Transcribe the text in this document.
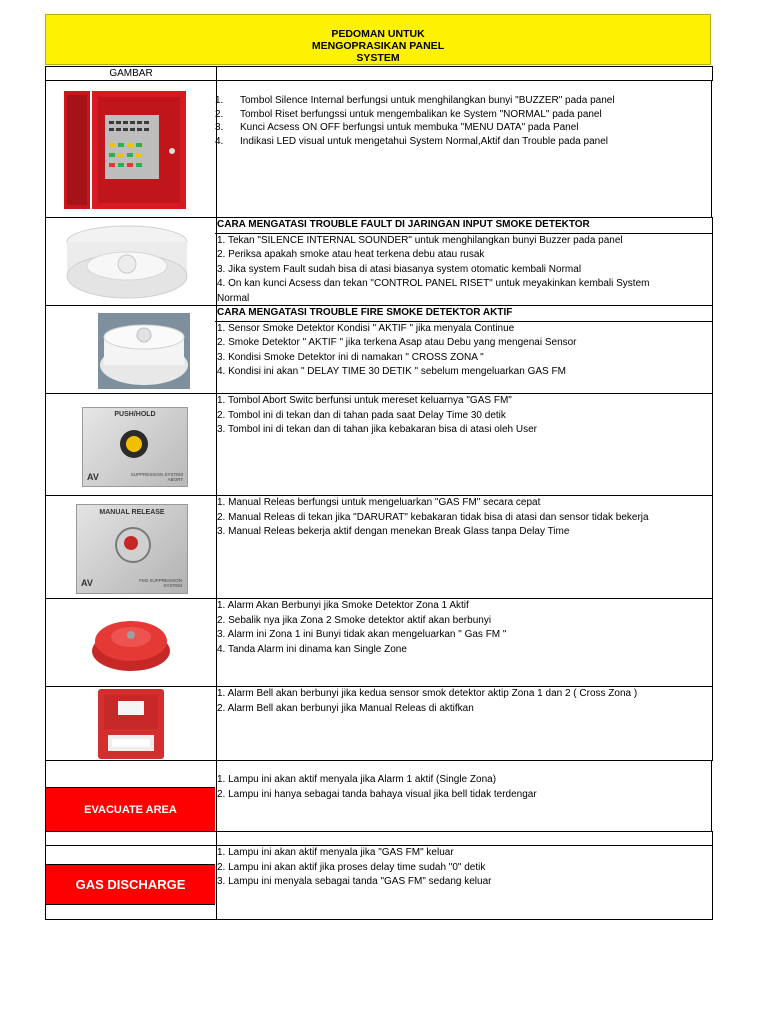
PEDOMAN UNTUK
MENGOPRASIKAN PANEL
SYSTEM
GAMBAR
1. Tombol Silence Internal berfungsi untuk menghilangkan bunyi "BUZZER" pada panel
2. Tombol Riset berfungssi untuk mengembalikan ke System "NORMAL" pada panel
3. Kunci Acsess ON OFF berfungsi untuk membuka "MENU DATA" pada Panel
4. Indikasi LED visual untuk mengetahui System Normal,Aktif dan Trouble pada panel
CARA MENGATASI TROUBLE FAULT DI JARINGAN INPUT SMOKE DETEKTOR
1. Tekan "SILENCE INTERNAL SOUNDER" untuk menghilangkan bunyi Buzzer pada panel
2. Periksa apakah smoke atau heat terkena debu atau rusak
3. Jika system Fault sudah bisa di atasi biasanya system otomatic kembali Normal
4. On kan kunci Acsess dan tekan "CONTROL PANEL RISET" untuk meyakinkan kembali System
Normal
CARA MENGATASI TROUBLE FIRE SMOKE DETEKTOR AKTIF
1. Sensor Smoke Detektor Kondisi " AKTIF " jika menyala Continue
2. Smoke Detektor " AKTIF " jika terkena Asap atau Debu yang mengenai Sensor
3. Kondisi Smoke Detektor ini di namakan " CROSS ZONA "
4. Kondisi ini akan " DELAY TIME 30 DETIK " sebelum mengeluarkan GAS FM
PUSH/HOLD
AV	SUPPRESSION SYSTEM ABORT
1. Tombol Abort Switc berfunsi untuk mereset keluarnya "GAS FM"
2. Tombol ini di tekan dan di tahan pada saat Delay Time 30 detik
3. Tombol ini di tekan dan di tahan jika kebakaran bisa di atasi oleh User
MANUAL RELEASE
AV	FM2 SUPPRESSION SYSTEM
1. Manual Releas berfungsi untuk mengeluarkan "GAS FM" secara cepat
2. Manual Releas di tekan jika "DARURAT" kebakaran tidak bisa di atasi dan sensor tidak bekerja
3. Manual Releas bekerja aktif dengan menekan Break Glass tanpa Delay Time
1. Alarm Akan Berbunyi jika Smoke Detektor Zona 1 Aktif
2. Sebalik nya jika Zona 2 Smoke detektor aktif akan berbunyi
3. Alarm ini Zona 1 ini Bunyi tidak akan mengeluarkan " Gas FM "
4. Tanda Alarm ini dinama kan Single Zone
1. Alarm Bell akan berbunyi jika kedua sensor smok detektor aktip Zona 1 dan 2 ( Cross Zona )
2. Alarm Bell akan berbunyi jika Manual Releas di aktifkan
EVACUATE AREA
1. Lampu ini akan aktif menyala jika Alarm 1 aktif (Single Zona)
2. Lampu ini hanya sebagai tanda bahaya visual jika bell tidak terdengar
GAS DISCHARGE
1. Lampu ini akan aktif menyala jika "GAS FM" keluar
2. Lampu ini akan aktif jika proses delay time sudah "0" detik
3. Lampu ini menyala sebagai tanda "GAS FM" sedang keluar
